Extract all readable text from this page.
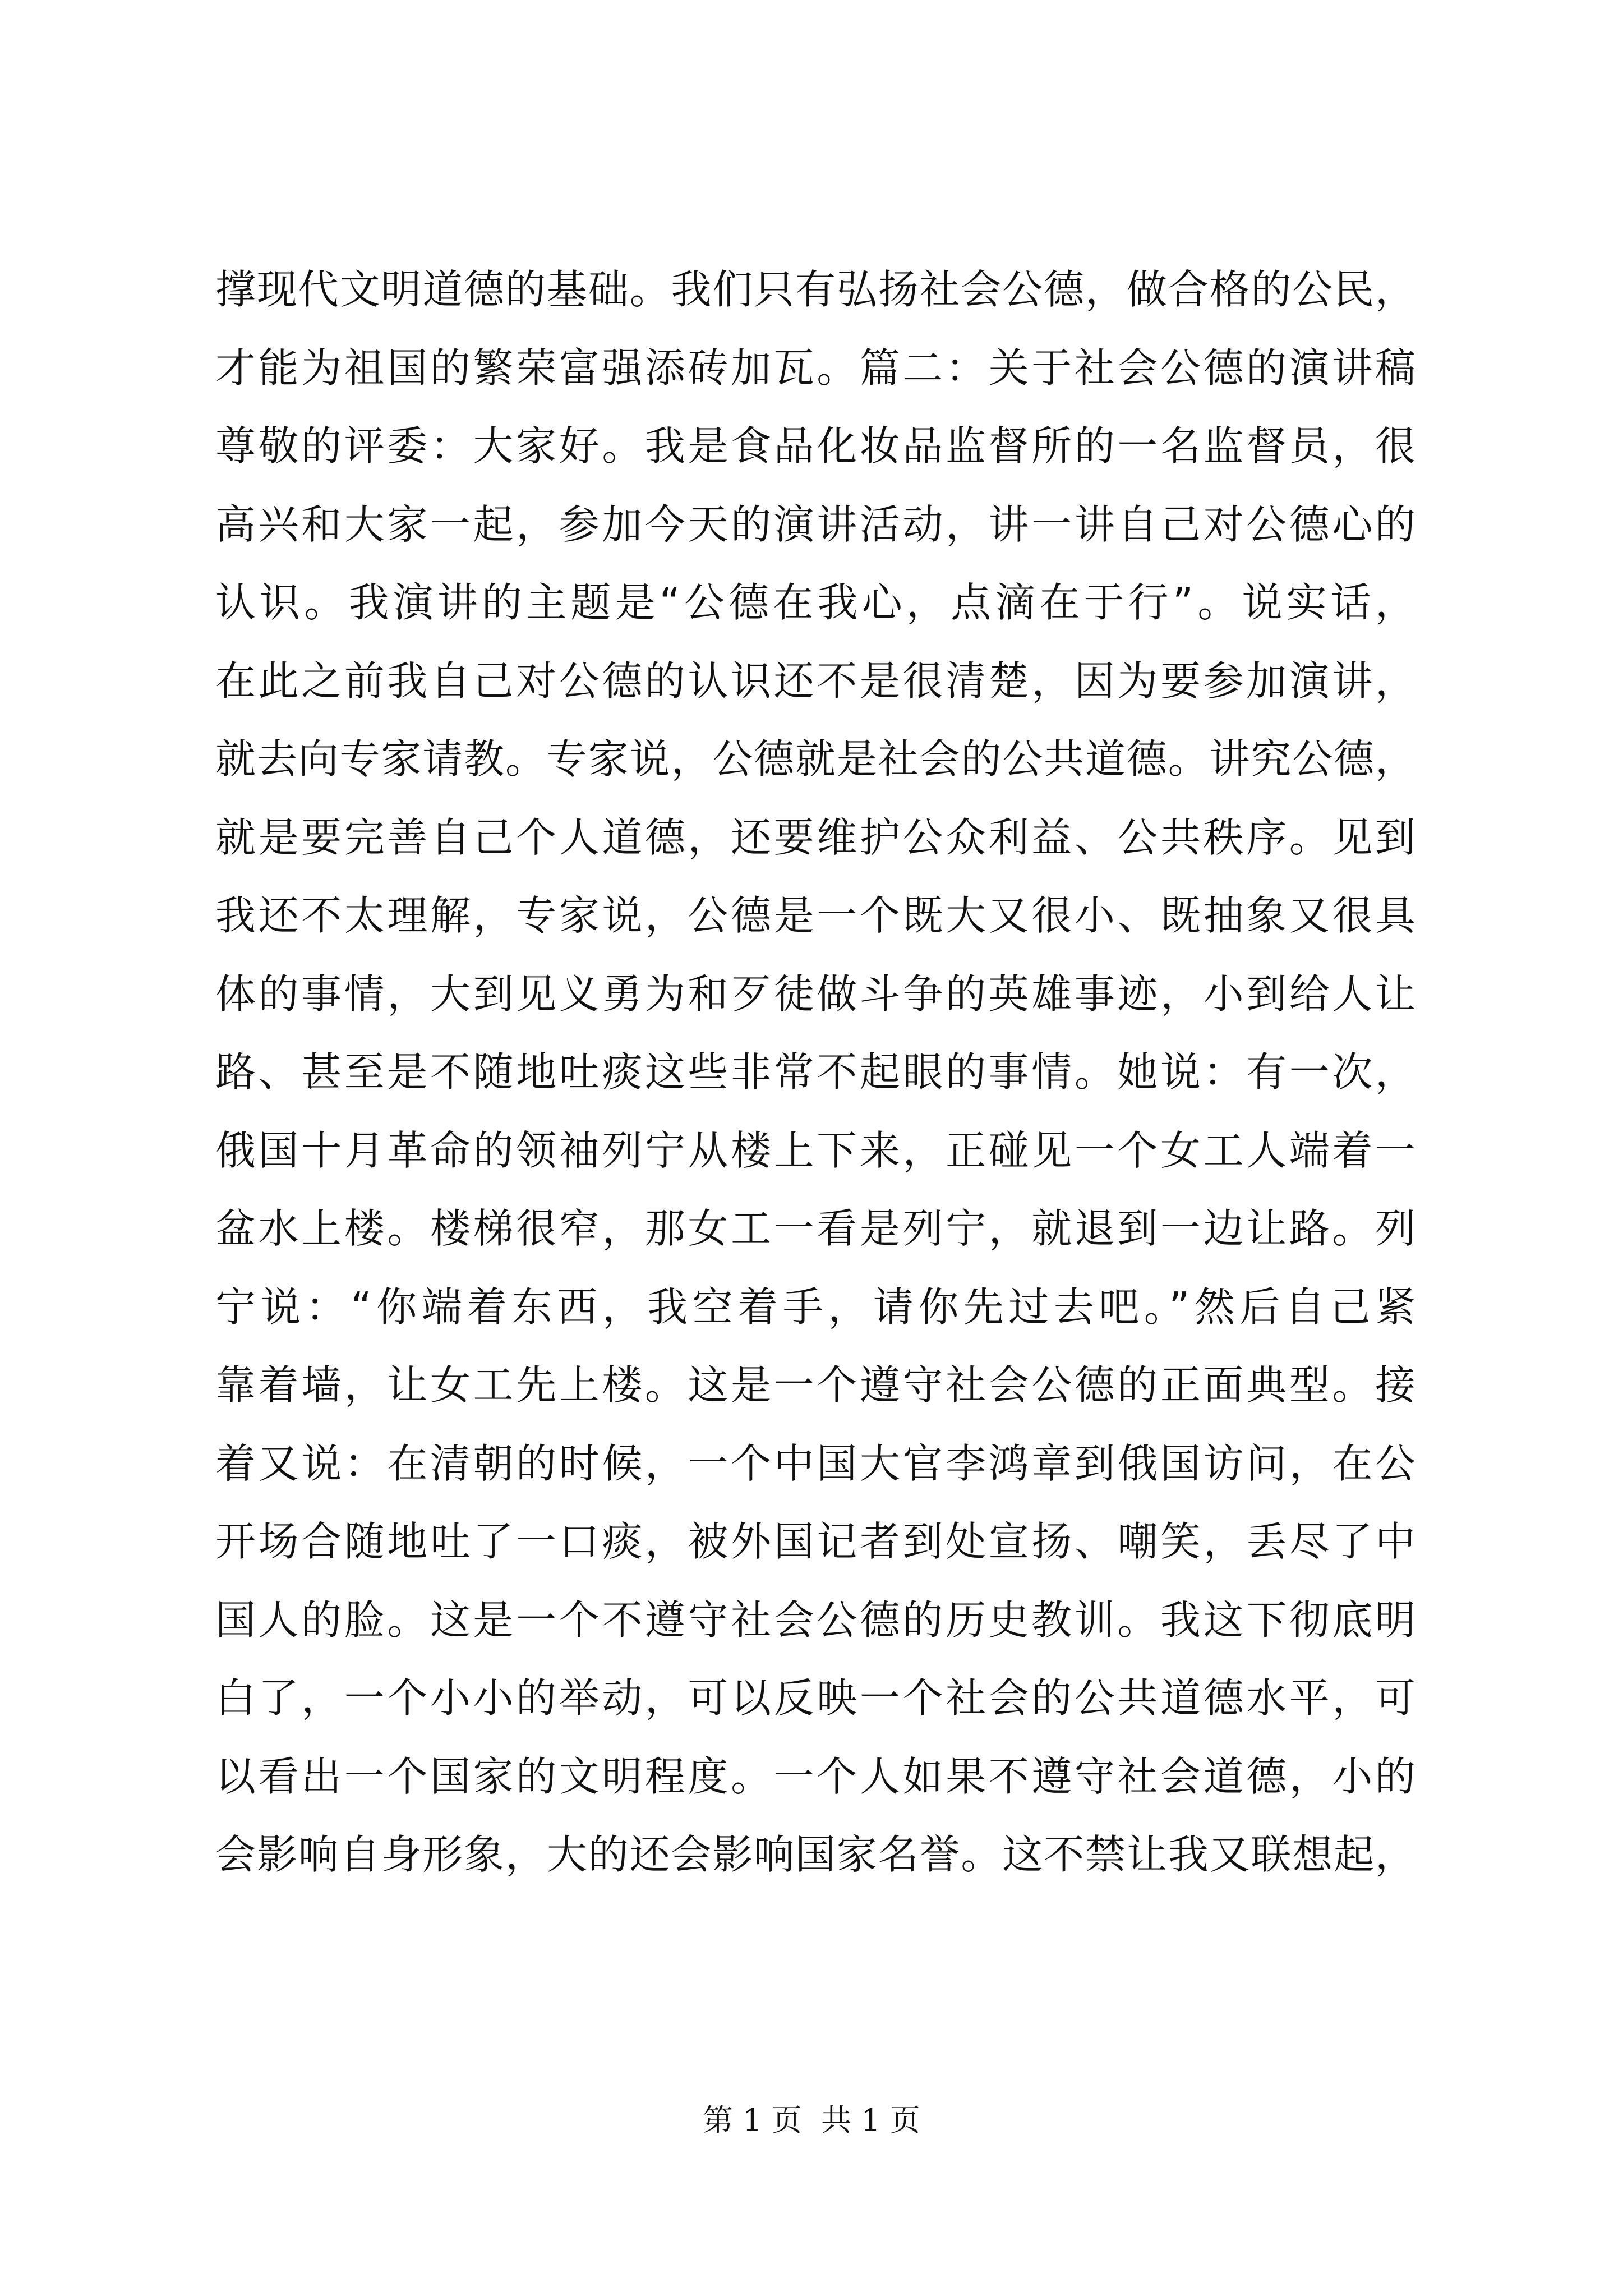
撑现代文明道德的基础。我们只有弘扬社会公德，做合格的公民，
才能为祖国的繁荣富强添砖加瓦。篇二：关于社会公德的演讲稿
尊敬的评委：大家好。我是食品化妆品监督所的一名监督员，很
高兴和大家一起，参加今天的演讲活动，讲一讲自己对公德心的
认识。我演讲的主题是“公德在我心，点滴在于行”。说实话，
在此之前我自己对公德的认识还不是很清楚，因为要参加演讲，
就去向专家请教。专家说，公德就是社会的公共道德。讲究公德，
就是要完善自己个人道德，还要维护公众利益、公共秩序。见到
我还不太理解，专家说，公德是一个既大又很小、既抽象又很具
体的事情，大到见义勇为和歹徒做斗争的英雄事迹，小到给人让
路、甚至是不随地吐痰这些非常不起眼的事情。她说：有一次，
俄国十月革命的领袖列宁从楼上下来，正碰见一个女工人端着一
盆水上楼。楼梯很窄，那女工一看是列宁，就退到一边让路。列
宁说：“你端着东西，我空着手，请你先过去吧。”然后自己紧
靠着墙，让女工先上楼。这是一个遵守社会公德的正面典型。接
着又说：在清朝的时候，一个中国大官李鸿章到俄国访问，在公
开场合随地吐了一口痰，被外国记者到处宣扬、嘲笑，丢尽了中
国人的脸。这是一个不遵守社会公德的历史教训。我这下彻底明
白了，一个小小的举动，可以反映一个社会的公共道德水平，可
以看出一个国家的文明程度。一个人如果不遵守社会道德，小的
会影响自身形象，大的还会影响国家名誉。这不禁让我又联想起，
第 1 页  共 1 页
